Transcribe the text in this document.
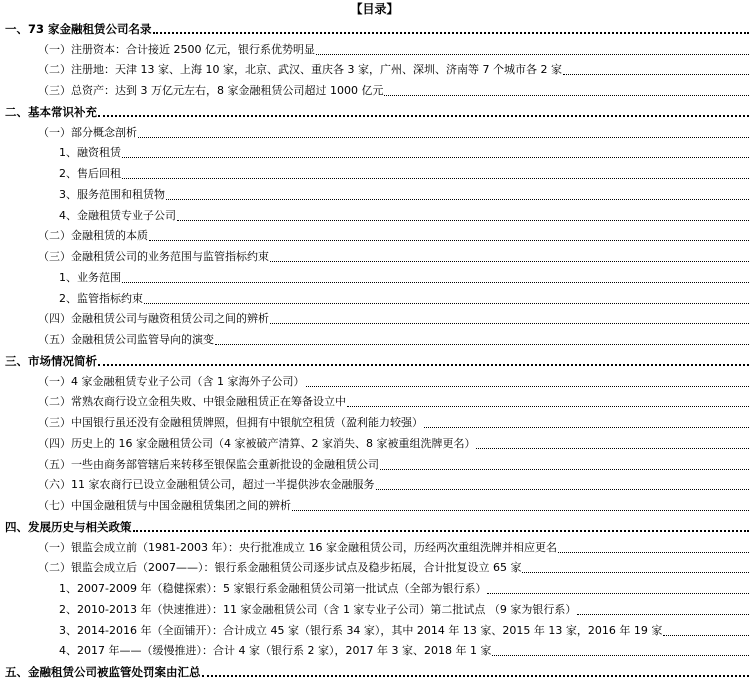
【目录】
一、73 家金融租赁公司名录
（一）注册资本：合计接近 2500 亿元，银行系优势明显
（二）注册地：天津 13 家、上海 10 家，北京、武汉、重庆各 3 家，广州、深圳、济南等 7 个城市各 2 家
（三）总资产：达到 3 万亿元左右，8 家金融租赁公司超过 1000 亿元
二、基本常识补充
（一）部分概念剖析
1、融资租赁
2、售后回租
3、服务范围和租赁物
4、金融租赁专业子公司
（二）金融租赁的本质
（三）金融租赁公司的业务范围与监管指标约束
1、业务范围
2、监管指标约束
（四）金融租赁公司与融资租赁公司之间的辨析
（五）金融租赁公司监管导向的演变
三、市场情况简析
（一）4 家金融租赁专业子公司（含 1 家海外子公司）
（二）常熟农商行设立金租失败、中银金融租赁正在筹备设立中
（三）中国银行虽还没有金融租赁牌照，但拥有中银航空租赁（盈利能力较强）
（四）历史上的 16 家金融租赁公司（4 家被破产清算、2 家消失、8 家被重组洗牌更名）
（五）一些由商务部管辖后来转移至银保监会重新批设的金融租赁公司
（六）11 家农商行已设立金融租赁公司，超过一半提供涉农金融服务
（七）中国金融租赁与中国金融租赁集团之间的辨析
四、发展历史与相关政策
（一）银监会成立前（1981-2003 年）：央行批准成立 16 家金融租赁公司，历经两次重组洗牌并相应更名
（二）银监会成立后（2007——）：银行系金融租赁公司逐步试点及稳步拓展，合计批复设立 65 家
1、2007-2009 年（稳健探索）：5 家银行系金融租赁公司第一批试点（全部为银行系）
2、2010-2013 年（快速推进）：11 家金融租赁公司（含 1 家专业子公司）第二批试点 （9 家为银行系）
3、2014-2016 年（全面铺开）：合计成立 45 家（银行系 34 家），其中 2014 年 13 家、2015 年 13 家，2016 年 19 家
4、2017 年——（缓慢推进）：合计 4 家（银行系 2 家），2017 年 3 家、2018 年 1 家
五、金融租赁公司被监管处罚案由汇总
